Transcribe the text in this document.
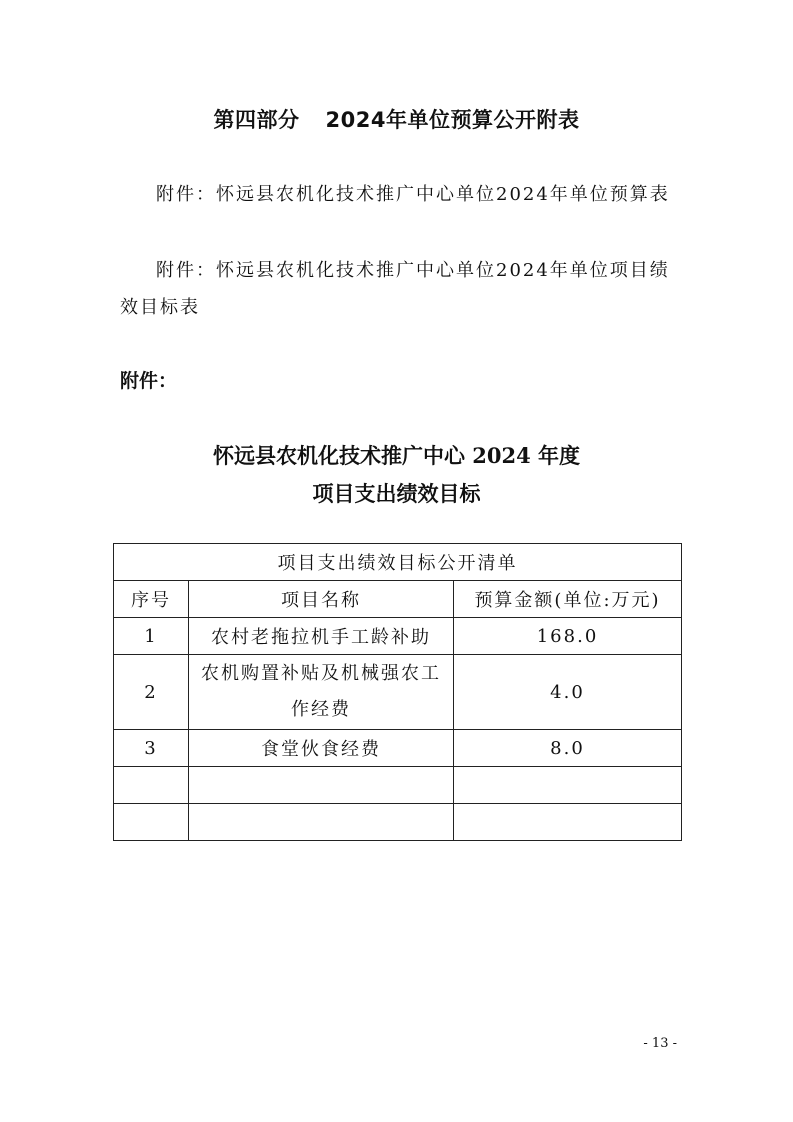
第四部分 2024年单位预算公开附表
附件：怀远县农机化技术推广中心单位2024年单位预算表
附件：怀远县农机化技术推广中心单位2024年单位项目绩效目标表
附件：
怀远县农机化技术推广中心 2024 年度
项目支出绩效目标
项目支出绩效目标公开清单		
序号	项目名称	预算金额(单位:万元)
1	农村老拖拉机手工龄补助	168.0
2	农机购置补贴及机械强农工作经费	4.0
3	食堂伙食经费	8.0

- 13 -
